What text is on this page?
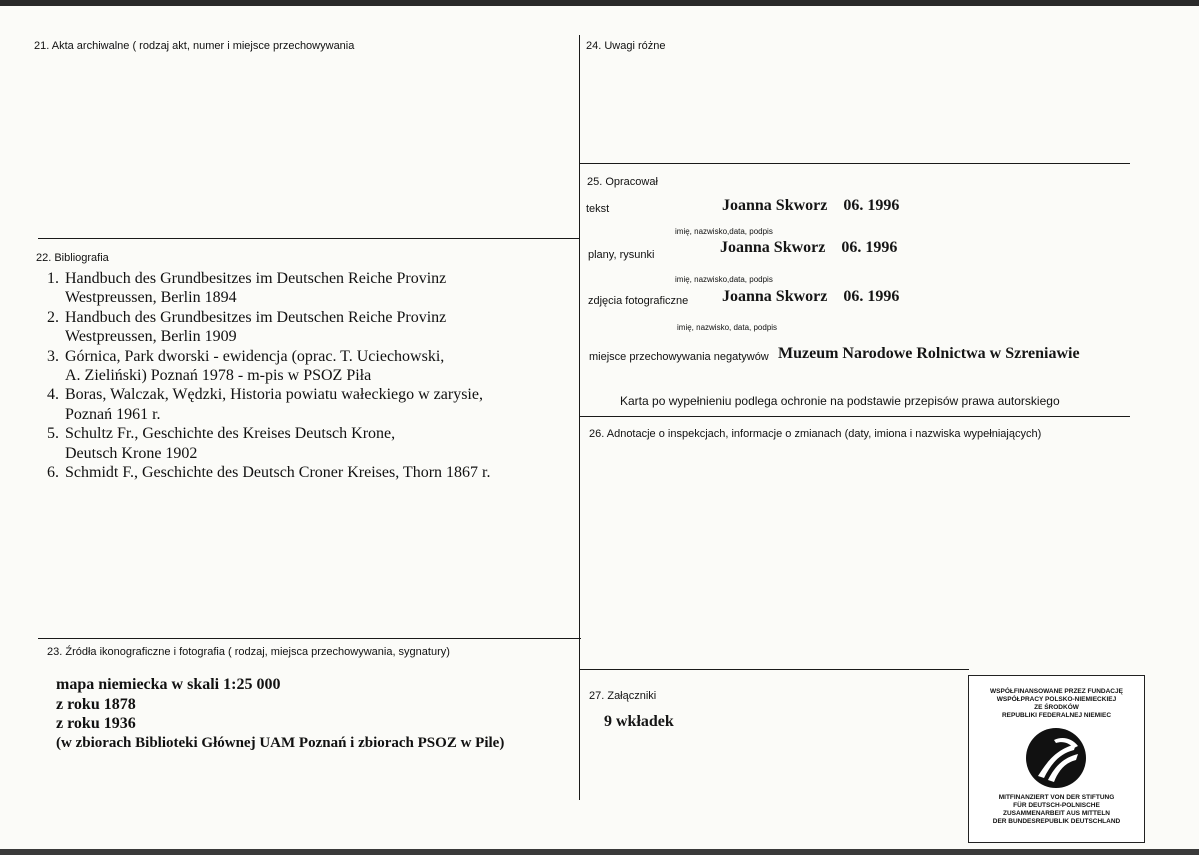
21. Akta archiwalne ( rodzaj akt, numer i miejsce przechowywania
22. Bibliografia
1. Handbuch des Grundbesitzes im Deutschen Reiche Provinz
Westpreussen, Berlin 1894
2. Handbuch des Grundbesitzes im Deutschen Reiche Provinz
Westpreussen, Berlin 1909
3. Górnica, Park dworski - ewidencja (oprac. T. Uciechowski,
A. Zieliński) Poznań 1978 - m-pis w PSOZ Piła
4. Boras, Walczak, Wędzki, Historia powiatu wałeckiego w zarysie,
Poznań 1961 r.
5. Schultz Fr., Geschichte des Kreises Deutsch Krone,
Deutsch Krone 1902
6. Schmidt F., Geschichte des Deutsch Croner Kreises, Thorn 1867 r.
23. Źródła ikonograficzne i fotografia ( rodzaj, miejsca przechowywania, sygnatury)
mapa niemiecka w skali 1:25 000
z roku 1878
z roku 1936
(w zbiorach Biblioteki Głównej UAM Poznań i zbiorach PSOZ w Pile)
24. Uwagi różne
25. Opracował
tekst	Joanna Skworz    06. 1996
imię, nazwisko,data, podpis
plany, rysunki	Joanna Skworz    06. 1996
imię, nazwisko,data, podpis
zdjęcia fotograficzne Joanna Skworz    06. 1996
imię, nazwisko, data, podpis
miejsce przechowywania negatywów Muzeum Narodowe Rolnictwa w Szreniawie
Karta po wypełnieniu podlega ochronie na podstawie przepisów prawa autorskiego
26. Adnotacje o inspekcjach, informacje o zmianach (daty, imiona i nazwiska wypełniających)
27. Załączniki
9 wkładek
WSPÓŁFINANSOWANE PRZEZ FUNDACJĘ
WSPÓŁPRACY POLSKO-NIEMIECKIEJ
ZE ŚRODKÓW
REPUBLIKI FEDERALNEJ NIEMIEC
MITFINANZIERT VON DER STIFTUNG
FÜR DEUTSCH-POLNISCHE
ZUSAMMENARBEIT AUS MITTELN
DER BUNDESREPUBLIK DEUTSCHLAND
